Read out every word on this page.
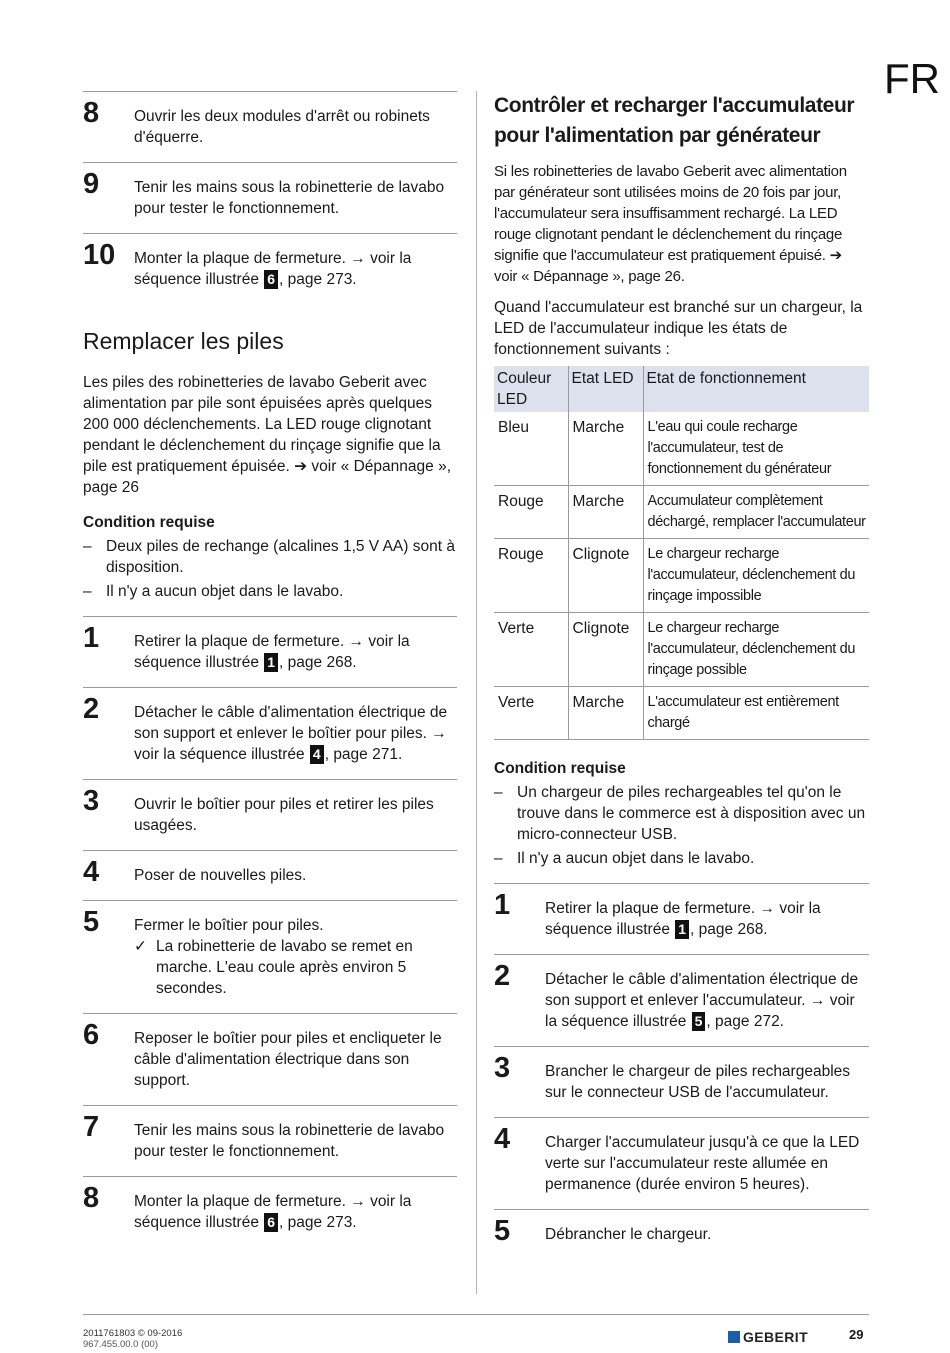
FR
8 Ouvrir les deux modules d'arrêt ou robinets d'équerre.
9 Tenir les mains sous la robinetterie de lavabo pour tester le fonctionnement.
10 Monter la plaque de fermeture. → voir la séquence illustrée 6 , page 273.
Remplacer les piles

Les piles des robinetteries de lavabo Geberit avec alimentation par pile sont épuisées après quelques 200 000 déclenchements. La LED rouge clignotant pendant le déclenchement du rinçage signifie que la pile est pratiquement épuisée. ➔ voir « Dépannage », page 26

Condition requise
– Deux piles de rechange (alcalines 1,5 V AA) sont à disposition.
– Il n'y a aucun objet dans le lavabo.
1 Retirer la plaque de fermeture. → voir la séquence illustrée 1 , page 268.
2 Détacher le câble d'alimentation électrique de son support et enlever le boîtier pour piles. → voir la séquence illustrée 4 , page 271.
3 Ouvrir le boîtier pour piles et retirer les piles usagées.
4 Poser de nouvelles piles.
5 Fermer le boîtier pour piles.
✓ La robinetterie de lavabo se remet en marche. L'eau coule après environ 5 secondes.
6 Reposer le boîtier pour piles et encliqueter le câble d'alimentation électrique dans son support.
7 Tenir les mains sous la robinetterie de lavabo pour tester le fonctionnement.
8 Monter la plaque de fermeture. → voir la séquence illustrée 6 , page 273.
Contrôler et recharger l'accumulateur pour l'alimentation par générateur

Si les robinetteries de lavabo Geberit avec alimentation par générateur sont utilisées moins de 20 fois par jour, l'accumulateur sera insuffisamment rechargé. La LED rouge clignotant pendant le déclenchement du rinçage signifie que l'accumulateur est pratiquement épuisé. ➔ voir « Dépannage », page 26.

Quand l'accumulateur est branché sur un chargeur, la LED de l'accumulateur indique les états de fonctionnement suivants :

Couleur LED	Etat LED	Etat de fonctionnement
Bleu	Marche	L'eau qui coule recharge l'accumulateur, test de fonctionnement du générateur
Rouge	Marche	Accumulateur complètement déchargé, remplacer l'accumulateur
Rouge	Clignote	Le chargeur recharge l'accumulateur, déclenchement du rinçage impossible
Verte	Clignote	Le chargeur recharge l'accumulateur, déclenchement du rinçage possible
Verte	Marche	L'accumulateur est entièrement chargé
Condition requise
– Un chargeur de piles rechargeables tel qu'on le trouve dans le commerce est à disposition avec un micro-connecteur USB.
– Il n'y a aucun objet dans le lavabo.
1 Retirer la plaque de fermeture. → voir la séquence illustrée 1 , page 268.
2 Détacher le câble d'alimentation électrique de son support et enlever l'accumulateur. → voir la séquence illustrée 5 , page 272.
3 Brancher le chargeur de piles rechargeables sur le connecteur USB de l'accumulateur.
4 Charger l'accumulateur jusqu'à ce que la LED verte sur l'accumulateur reste allumée en permanence (durée environ 5 heures).
5 Débrancher le chargeur.
2011761803 © 09-2016
967.455.00.0 (00)	GEBERIT	29
